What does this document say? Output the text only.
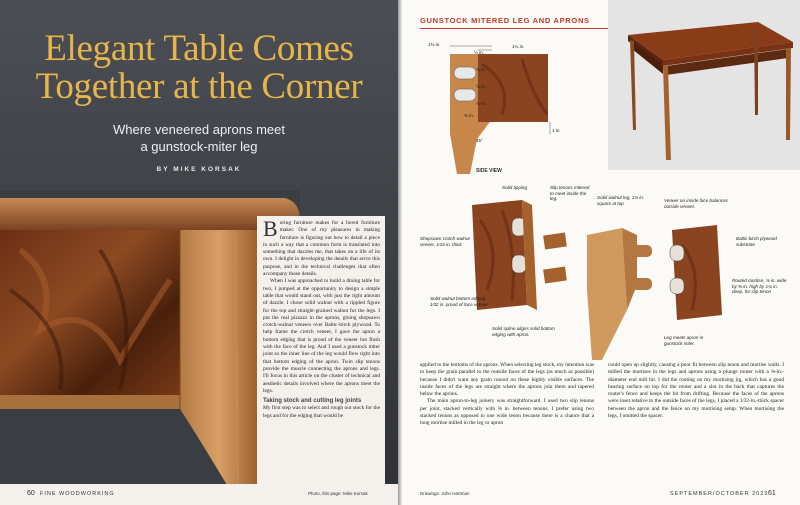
Elegant Table Comes
Together at the Corner
Where veneered aprons meet
a gunstock-miter leg
BY MIKE KORSAK

Boring furniture makes for a bored furniture maker. One of my pleasures in making furniture is figuring out how to detail a piece in such a way that a common form is translated into something that dazzles me, that takes on a life of its own. I delight in developing the details that serve this purpose, and in the technical challenges that often accompany those details.

When I was approached to build a dining table for two, I jumped at the opportunity to design a simple table that would stand out, with just the right amount of dazzle. I chose solid walnut with a rippled figure for the top and straight-grained walnut for the legs. I put the real pizzazz in the aprons, gluing shopsawn crotch-walnut veneers over Baltic-birch plywood. To help frame the crotch veneer, I gave the apron a bottom edging that is proud of the veneer but flush with the face of the leg. And I used a gunstock miter joint so the inner line of the leg would flow right into that bottom edging of the apron. Twin slip tenons provide the muscle connecting the aprons and legs. I'll focus in this article on the cluster of technical and aesthetic details involved where the aprons meet the legs.

Taking stock and cutting leg joints

My first step was to select and rough out stock for the legs and for the edging that would be

60 FINE WOODWORKING	Photo, this page: Mike Korsak
GUNSTOCK MITERED LEG AND APRONS
1¾ in.	1¼ in.
½ in.
⅝ in.
⅝ in.
⅝ in.
⅜ in.
1 in.
45°
SIDE VIEW
Solid tipping	Slip tenons mitered to meet inside the leg.	Solid walnut leg, 1⅞ in. square at top
Veneer on inside face balances outside veneer.
Shopsawn crotch walnut veneer, 1⁄16 in. thick
Baltic-birch plywood substrate
Routed mortise, ⅜ in. wide by ⅝ in. high by 1¼ in. deep, for slip tenon
Solid walnut bottom edging, 1⁄32 in. proud of face veneer
Solid spline aligns solid bottom edging with apron.
Leg meets apron in gunstock miter.

applied to the bottoms of the aprons. When selecting leg stock, my intention was to keep the grain parallel to the outside faces of the legs (as much as possible) because I didn't want any grain runout on these highly visible surfaces. The inside faces of the legs are straight where the aprons join them and tapered below the aprons.

The main apron-to-leg joinery was straightforward. I used two slip tenons per joint, stacked vertically with ⅜ in. between tenons. I prefer using two stacked tenons as opposed to one wide tenon because there is a chance that a long mortise milled in the leg or apron

could open up slightly, causing a poor fit between slip tenon and mortise walls. I milled the mortises in the legs and aprons using a plunge router with a ⅜-in.-diameter end mill bit. I did the routing on my mortising jig, which has a good bearing surface on top for the router and a slot in the back that captures the router's fence and keeps the bit from drifting. Because the faces of the aprons were inset relative to the outside faces of the legs, I placed a 1⁄32-in.-thick spacer between the apron and the fence on my mortising setup. When mortising the legs, I omitted the spacer.

Drawings: John Hartman	SEPTEMBER/OCTOBER 2023 61
